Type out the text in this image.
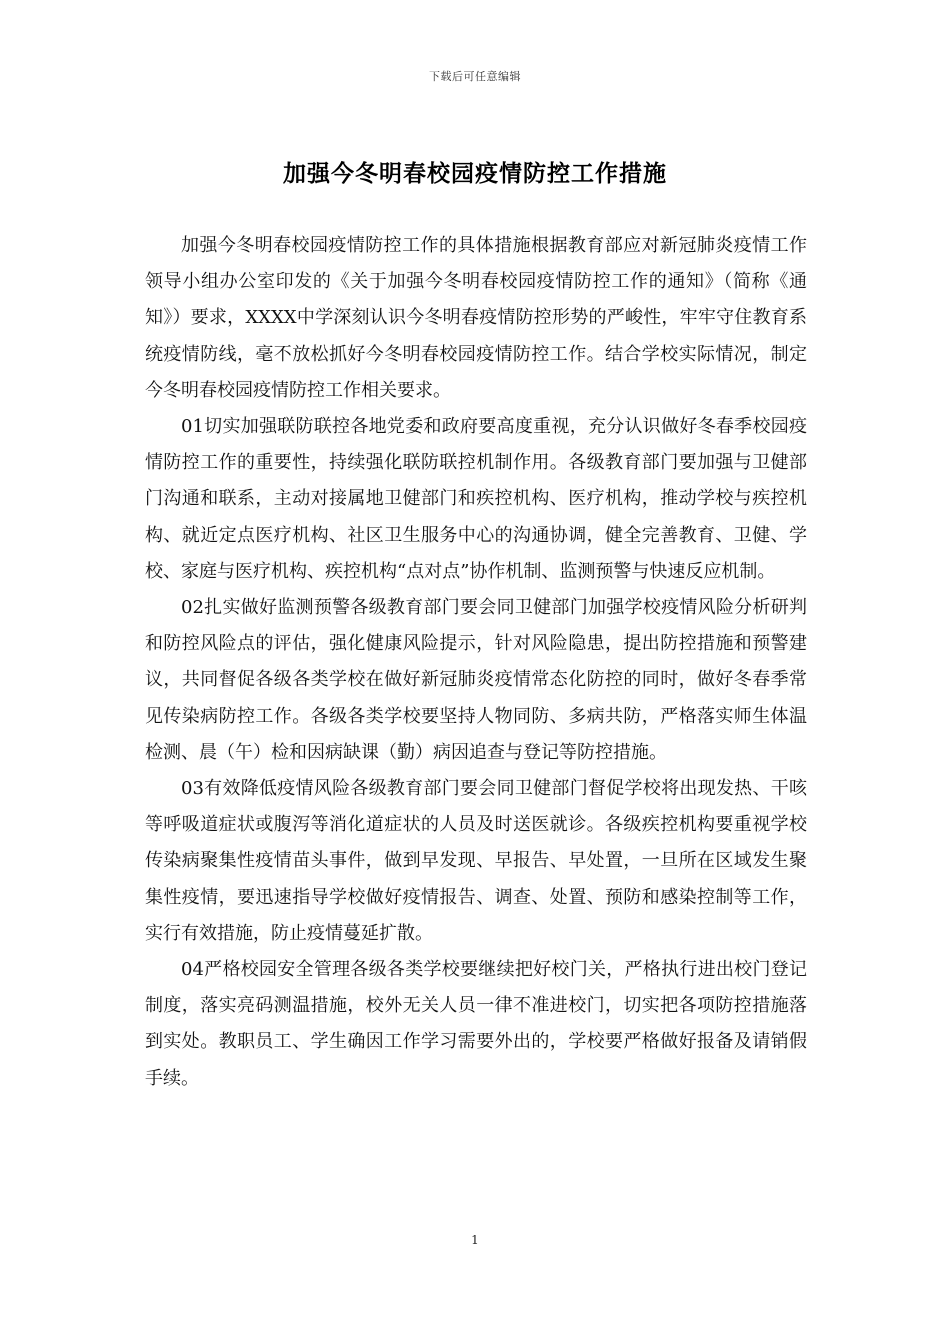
下载后可任意编辑
加强今冬明春校园疫情防控工作措施

加强今冬明春校园疫情防控工作的具体措施根据教育部应对新冠肺炎疫情工作领导小组办公室印发的《关于加强今冬明春校园疫情防控工作的通知》（简称《通知》）要求，XXXX中学深刻认识今冬明春疫情防控形势的严峻性，牢牢守住教育系统疫情防线，毫不放松抓好今冬明春校园疫情防控工作。结合学校实际情况，制定今冬明春校园疫情防控工作相关要求。

01切实加强联防联控各地党委和政府要高度重视，充分认识做好冬春季校园疫情防控工作的重要性，持续强化联防联控机制作用。各级教育部门要加强与卫健部门沟通和联系，主动对接属地卫健部门和疾控机构、医疗机构，推动学校与疾控机构、就近定点医疗机构、社区卫生服务中心的沟通协调，健全完善教育、卫健、学校、家庭与医疗机构、疾控机构“点对点”协作机制、监测预警与快速反应机制。

02扎实做好监测预警各级教育部门要会同卫健部门加强学校疫情风险分析研判和防控风险点的评估，强化健康风险提示，针对风险隐患，提出防控措施和预警建议，共同督促各级各类学校在做好新冠肺炎疫情常态化防控的同时，做好冬春季常见传染病防控工作。各级各类学校要坚持人物同防、多病共防，严格落实师生体温检测、晨（午）检和因病缺课（勤）病因追查与登记等防控措施。

03有效降低疫情风险各级教育部门要会同卫健部门督促学校将出现发热、干咳等呼吸道症状或腹泻等消化道症状的人员及时送医就诊。各级疾控机构要重视学校传染病聚集性疫情苗头事件，做到早发现、早报告、早处置，一旦所在区域发生聚集性疫情，要迅速指导学校做好疫情报告、调查、处置、预防和感染控制等工作，实行有效措施，防止疫情蔓延扩散。

04严格校园安全管理各级各类学校要继续把好校门关，严格执行进出校门登记制度，落实亮码测温措施，校外无关人员一律不准进校门，切实把各项防控措施落到实处。教职员工、学生确因工作学习需要外出的，学校要严格做好报备及请销假手续。

1
